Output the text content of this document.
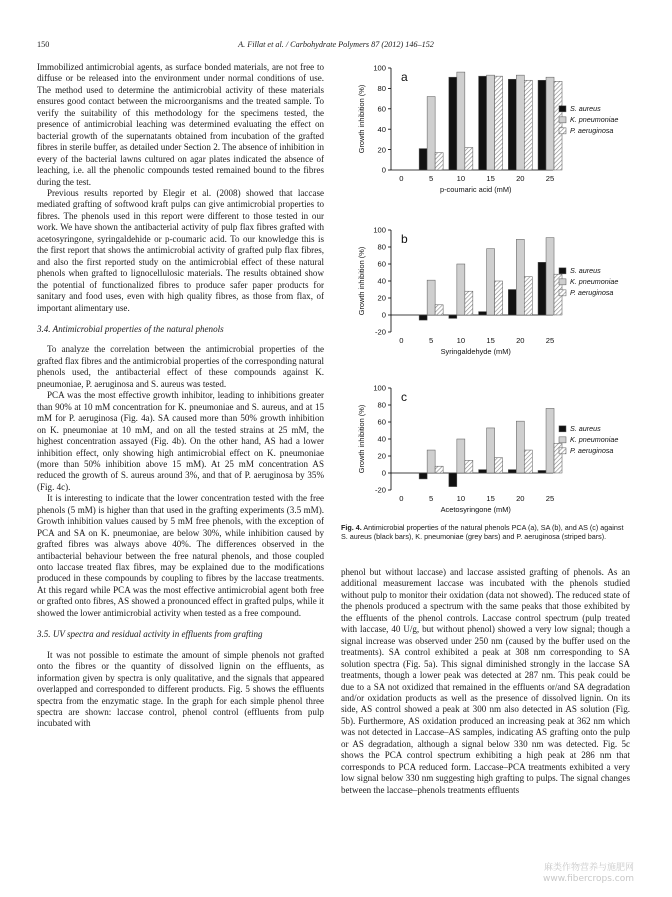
150	A. Fillat et al. / Carbohydrate Polymers 87 (2012) 146–152

Immobilized antimicrobial agents, as surface bonded materials, are not free to diffuse or be released into the environment under normal conditions of use. The method used to determine the antimicrobial activity of these materials ensures good contact between the microorganisms and the treated sample. To verify the suitability of this methodology for the specimens tested, the presence of antimicrobial leaching was determined evaluating the effect on bacterial growth of the supernatants obtained from incubation of the grafted fibres in sterile buffer, as detailed under Section 2. The absence of inhibition in every of the bacterial lawns cultured on agar plates indicated the absence of leaching, i.e. all the phenolic compounds tested remained bound to the fibres during the test.

Previous results reported by Elegir et al. (2008) showed that laccase mediated grafting of softwood kraft pulps can give antimicrobial properties to fibres. The phenols used in this report were different to those tested in our work. We have shown the antibacterial activity of pulp flax fibres grafted with acetosyringone, syringaldehide or p-coumaric acid. To our knowledge this is the first report that shows the antimicrobial activity of grafted pulp flax fibres, and also the first reported study on the antimicrobial effect of these natural phenols when grafted to lignocellulosic materials. The results obtained show the potential of functionalized fibres to produce safer paper products for sanitary and food uses, even with high quality fibres, as those from flax, of important alimentary use.

3.4. Antimicrobial properties of the natural phenols

To analyze the correlation between the antimicrobial properties of the grafted flax fibres and the antimicrobial properties of the corresponding natural phenols used, the antibacterial effect of these compounds against K. pneumoniae, P. aeruginosa and S. aureus was tested.

PCA was the most effective growth inhibitor, leading to inhibitions greater than 90% at 10 mM concentration for K. pneumoniae and S. aureus, and at 15 mM for P. aeruginosa (Fig. 4a). SA caused more than 50% growth inhibition on K. pneumoniae at 10 mM, and on all the tested strains at 25 mM, the highest concentration assayed (Fig. 4b). On the other hand, AS had a lower inhibition effect, only showing high antimicrobial effect on K. pneumoniae (more than 50% inhibition above 15 mM). At 25 mM concentration AS reduced the growth of S. aureus around 3%, and that of P. aeruginosa by 35% (Fig. 4c).

It is interesting to indicate that the lower concentration tested with the free phenols (5 mM) is higher than that used in the grafting experiments (3.5 mM). Growth inhibition values caused by 5 mM free phenols, with the exception of PCA and SA on K. pneumoniae, are below 30%, while inhibition caused by grafted fibres was always above 40%. The differences observed in the antibacterial behaviour between the free natural phenols, and those coupled onto laccase treated flax fibres, may be explained due to the modifications produced in these compounds by coupling to fibres by the laccase treatments. At this regard while PCA was the most effective antimicrobial agent both free or grafted onto fibres, AS showed a pronounced effect in grafted pulps, while it showed the lower antimicrobial activity when tested as a free compound.

3.5. UV spectra and residual activity in effluents from grafting

It was not possible to estimate the amount of simple phenols not grafted onto the fibres or the quantity of dissolved lignin on the effluents, as information given by spectra is only qualitative, and the signals that appeared overlapped and corresponded to different products. Fig. 5 shows the effluents spectra from the enzymatic stage. In the graph for each simple phenol three spectra are shown: laccase control, phenol control (effluents from pulp incubated with

0
20
40
60
80
100
Growth inhibition (%)
a
0	5	10	15	20	25
p-coumaric acid (mM)
S. aureus
K. pneumoniae
P. aeruginosa
-20
0
20
40
60
80
100
Growth inhibition (%)
b
0	5	10	15	20	25
Syringaldehyde (mM)
S. aureus
K. pneumoniae
P. aeruginosa
-20
0
20
40
60
80
100
Growth inhibition (%)
c
0	5	10	15	20	25
Acetosyringone (mM)
S. aureus
K. pneumoniae
P. aeruginosa
Fig. 4. Antimicrobial properties of the natural phenols PCA (a), SA (b), and AS (c) against S. aureus (black bars), K. pneumoniae (grey bars) and P. aeruginosa (striped bars).

phenol but without laccase) and laccase assisted grafting of phenols. As an additional measurement laccase was incubated with the phenols studied without pulp to monitor their oxidation (data not showed). The reduced state of the phenols produced a spectrum with the same peaks that those exhibited by the effluents of the phenol controls. Laccase control spectrum (pulp treated with laccase, 40 U/g, but without phenol) showed a very low signal; though a signal increase was observed under 250 nm (caused by the buffer used on the treatments). SA control exhibited a peak at 308 nm corresponding to SA solution spectra (Fig. 5a). This signal diminished strongly in the laccase SA treatments, though a lower peak was detected at 287 nm. This peak could be due to a SA not oxidized that remained in the effluents or/and SA degradation and/or oxidation products as well as the presence of dissolved lignin. On its side, AS control showed a peak at 300 nm also detected in AS solution (Fig. 5b). Furthermore, AS oxidation produced an increasing peak at 362 nm which was not detected in Laccase–AS samples, indicating AS grafting onto the pulp or AS degradation, although a signal below 330 nm was detected. Fig. 5c shows the PCA control spectrum exhibiting a high peak at 286 nm that corresponds to PCA reduced form. Laccase–PCA treatments exhibited a very low signal below 330 nm suggesting high grafting to pulps. The signal changes between the laccase–phenols treatments effluents

麻类作物营养与施肥网
www.fibercrops.com
